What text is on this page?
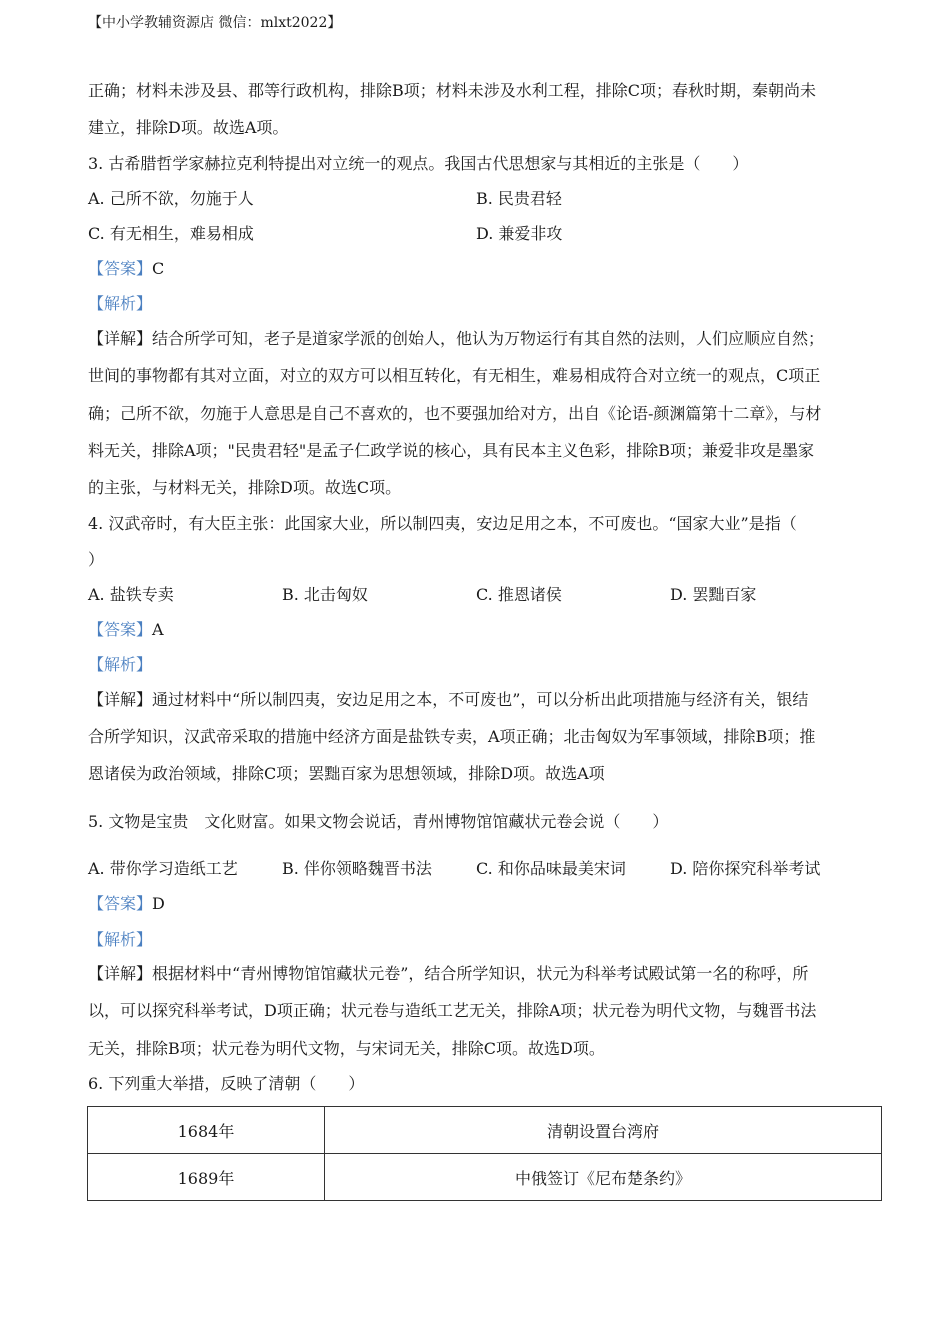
【中小学教辅资源店 微信：mlxt2022】
正确；材料未涉及县、郡等行政机构，排除B项；材料未涉及水利工程，排除C项；春秋时期，秦朝尚未
建立，排除D项。故选A项。
3. 古希腊哲学家赫拉克利特提出对立统一的观点。我国古代思想家与其相近的主张是（　　）
A. 己所不欲，勿施于人	B. 民贵君轻
C. 有无相生，难易相成	D. 兼爱非攻
【答案】C
【解析】
【详解】结合所学可知，老子是道家学派的创始人，他认为万物运行有其自然的法则，人们应顺应自然；
世间的事物都有其对立面，对立的双方可以相互转化，有无相生，难易相成符合对立统一的观点，C项正
确；己所不欲，勿施于人意思是自己不喜欢的，也不要强加给对方，出自《论语-颜渊篇第十二章》，与材
料无关，排除A项；"民贵君轻"是孟子仁政学说的核心，具有民本主义色彩，排除B项；兼爱非攻是墨家
的主张，与材料无关，排除D项。故选C项。
4. 汉武帝时，有大臣主张：此国家大业，所以制四夷，安边足用之本，不可废也。“国家大业”是指（
）
A. 盐铁专卖	B. 北击匈奴	C. 推恩诸侯	D. 罢黜百家
【答案】A
【解析】
【详解】通过材料中“所以制四夷，安边足用之本，不可废也”，可以分析出此项措施与经济有关，银结
合所学知识，汉武帝采取的措施中经济方面是盐铁专卖，A项正确；北击匈奴为军事领域，排除B项；推
恩诸侯为政治领域，排除C项；罢黜百家为思想领域，排除D项。故选A项
5. 文物是宝贵　文化财富。如果文物会说话，青州博物馆馆藏状元卷会说（　　）
A. 带你学习造纸工艺	B. 伴你领略魏晋书法	C. 和你品味最美宋词	D. 陪你探究科举考试
【答案】D
【解析】
【详解】根据材料中“青州博物馆馆藏状元卷”，结合所学知识，状元为科举考试殿试第一名的称呼，所
以，可以探究科举考试，D项正确；状元卷与造纸工艺无关，排除A项；状元卷为明代文物，与魏晋书法
无关，排除B项；状元卷为明代文物，与宋词无关，排除C项。故选D项。
6. 下列重大举措，反映了清朝（　　）
1684年	清朝设置台湾府
1689年	中俄签订《尼布楚条约》
